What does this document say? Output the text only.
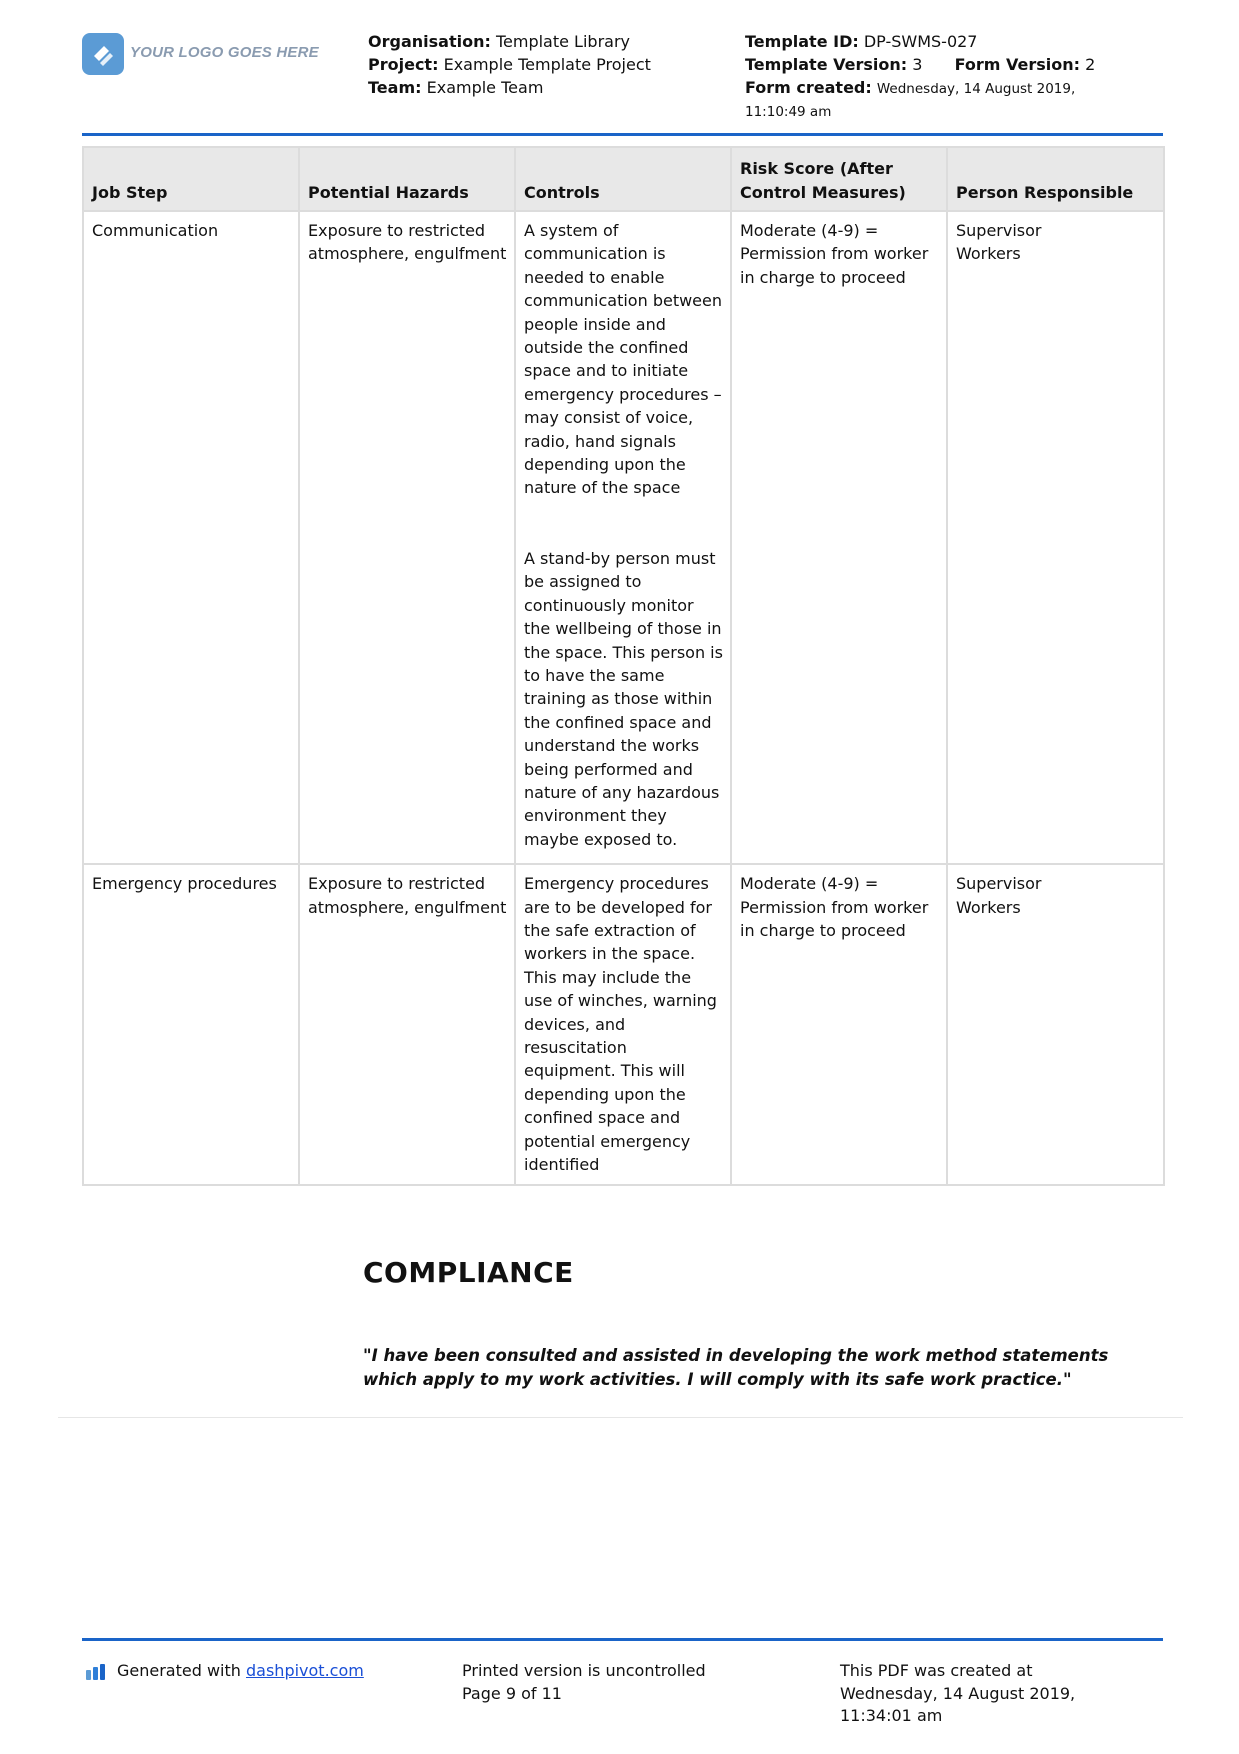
YOUR LOGO GOES HERE
Organisation: Template Library
Project: Example Template Project
Team: Example Team
Template ID: DP-SWMS-027
Template Version: 3 Form Version: 2
Form created: Wednesday, 14 August 2019,
11:10:49 am
Job Step	Potential Hazards	Controls	Risk Score (After
Control Measures)	Person Responsible
Communication	Exposure to restricted atmosphere, engulfment	A system of communication is needed to enable communication between people inside and outside the confined space and to initiate emergency procedures – may consist of voice, radio, hand signals depending upon the nature of the space
A stand-by person must be assigned to continuously monitor the wellbeing of those in the space. This person is to have the same training as those within the confined space and understand the works being performed and nature of any hazardous environment they maybe exposed to.	Moderate (4-9) = Permission from worker in charge to proceed	Supervisor
Workers
Emergency procedures	Exposure to restricted atmosphere, engulfment	Emergency procedures are to be developed for the safe extraction of workers in the space. This may include the use of winches, warning devices, and resuscitation equipment. This will depending upon the confined space and potential emergency identified	Moderate (4-9) = Permission from worker in charge to proceed	Supervisor
Workers
COMPLIANCE
"I have been consulted and assisted in developing the work method statements which apply to my work activities. I will comply with its safe work practice."
Generated with dashpivot.com	Printed version is uncontrolled
Page 9 of 11
This PDF was created at
Wednesday, 14 August 2019,
11:34:01 am
